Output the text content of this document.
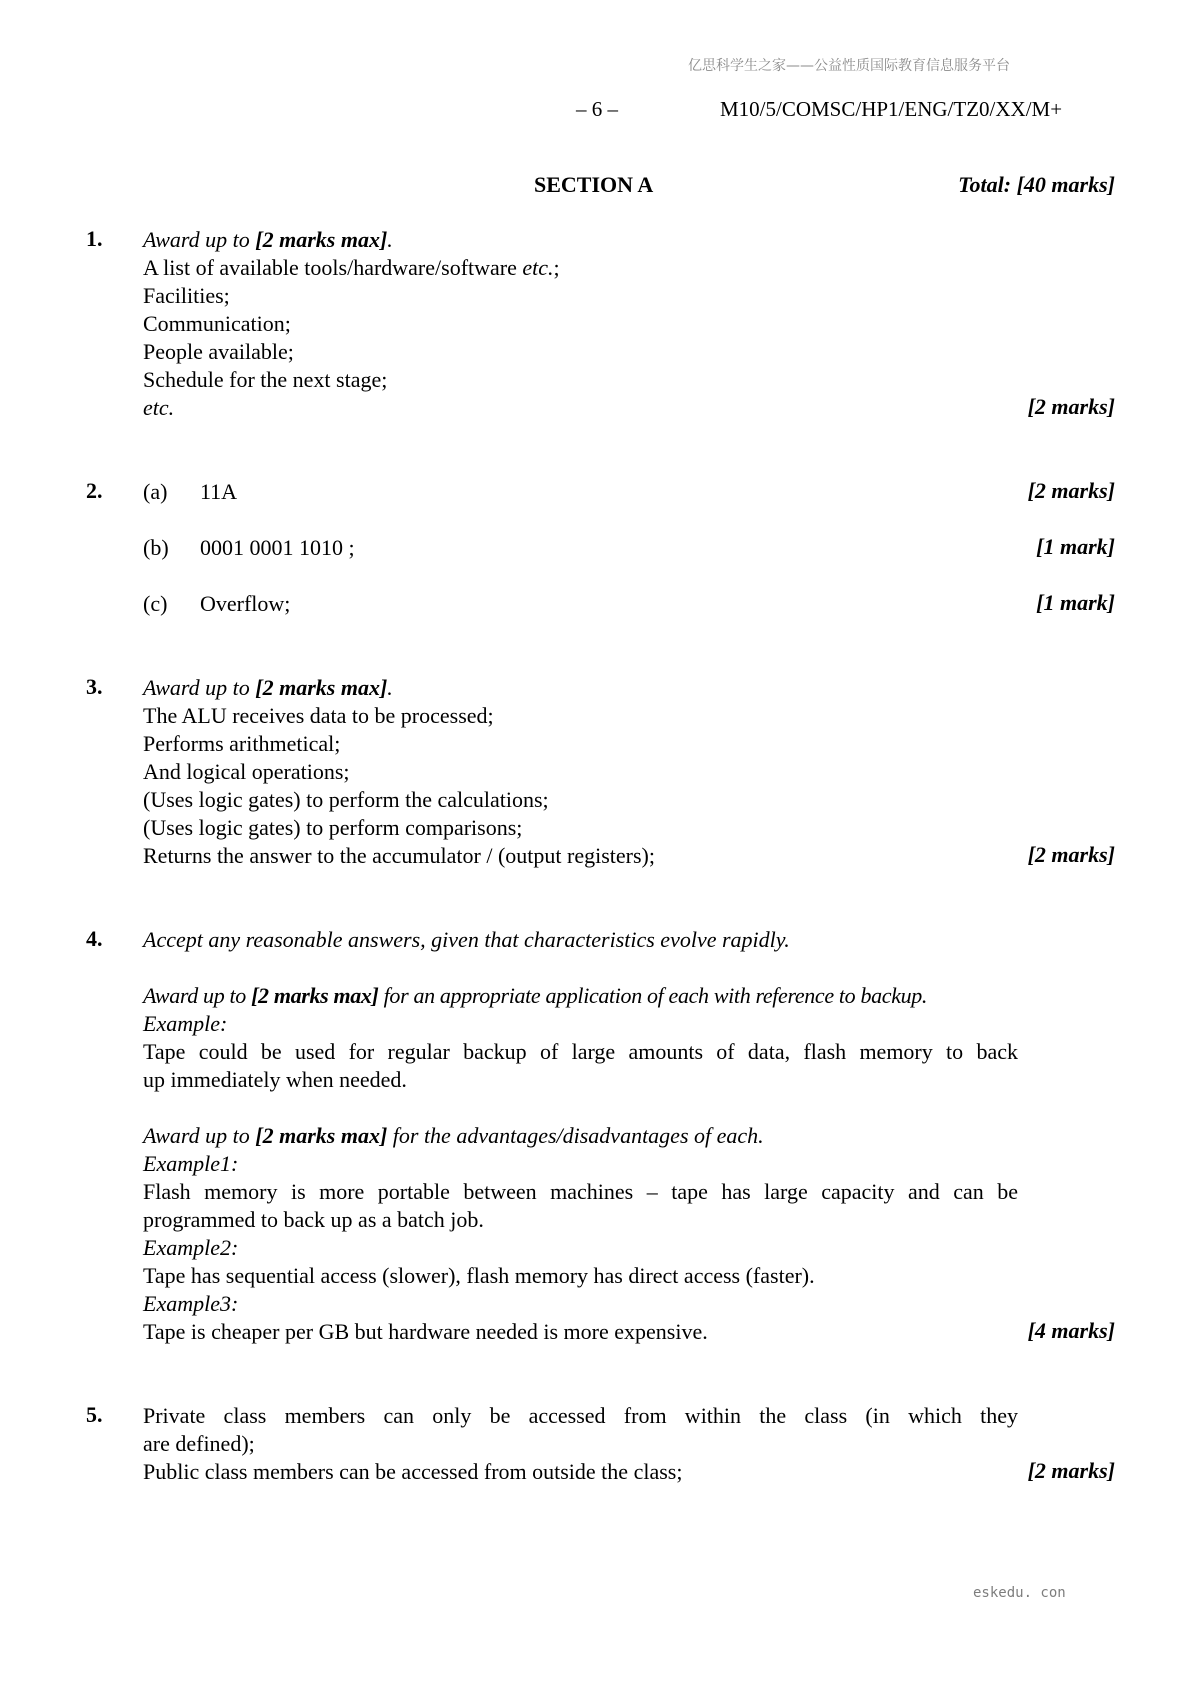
亿思科学生之家——公益性质国际教育信息服务平台
– 6 –	M10/5/COMSC/HP1/ENG/TZ0/XX/M+
SECTION A	Total: [40 marks]
1. Award up to [2 marks max].
A list of available tools/hardware/software etc.;
Facilities;
Communication;
People available;
Schedule for the next stage;
etc.	[2 marks]
2. (a) 11A	[2 marks]
(b) 0001 0001 1010 ;	[1 mark]
(c) Overflow;	[1 mark]
3. Award up to [2 marks max].
The ALU receives data to be processed;
Performs arithmetical;
And logical operations;
(Uses logic gates) to perform the calculations;
(Uses logic gates) to perform comparisons;
Returns the answer to the accumulator / (output registers);	[2 marks]
4. Accept any reasonable answers, given that characteristics evolve rapidly.
Award up to [2 marks max] for an appropriate application of each with reference to backup.
Example:
Tape could be used for regular backup of large amounts of data, flash memory to back
up immediately when needed.
Award up to [2 marks max] for the advantages/disadvantages of each.
Example1:
Flash memory is more portable between machines – tape has large capacity and can be
programmed to back up as a batch job.
Example2:
Tape has sequential access (slower), flash memory has direct access (faster).
Example3:
Tape is cheaper per GB but hardware needed is more expensive.	[4 marks]
5. Private class members can only be accessed from within the class (in which they
are defined);
Public class members can be accessed from outside the class;	[2 marks]
eskedu. con
